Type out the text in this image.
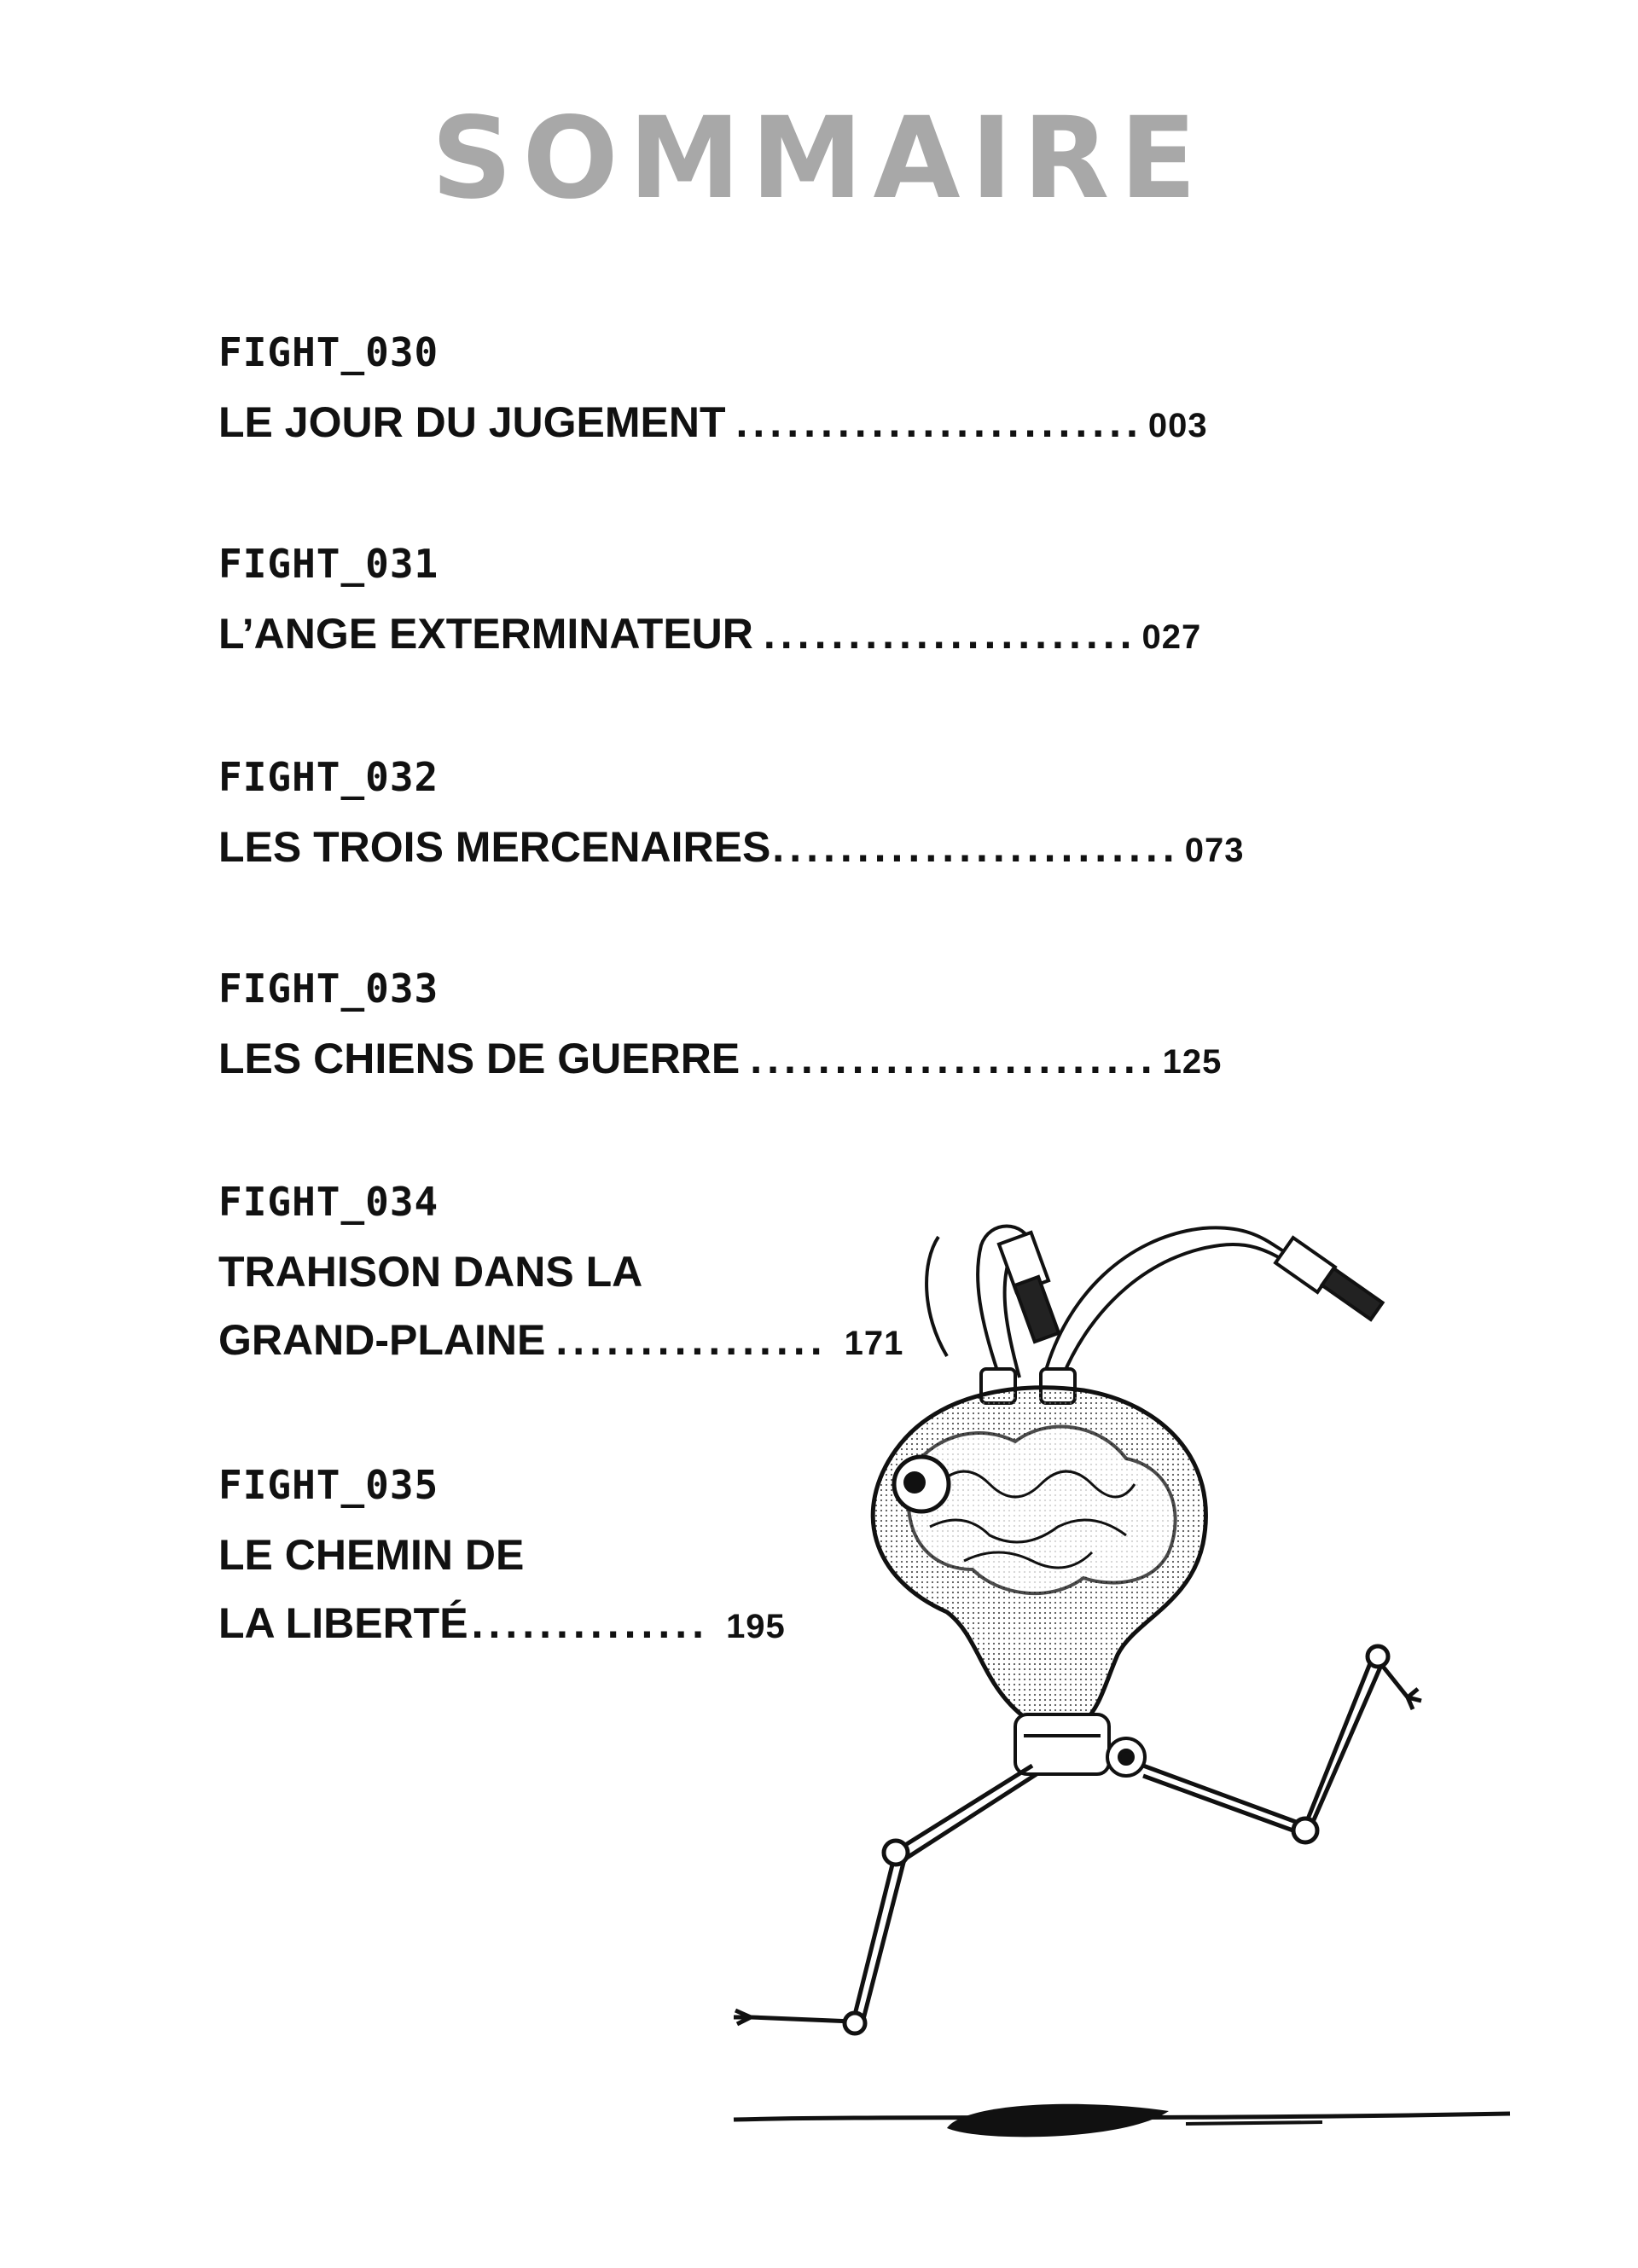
SOMMAIRE
FIGHT_030
LE JOUR DU JUGEMENT ........................ 003
FIGHT_031
L’ANGE EXTERMINATEUR ...................... 027
FIGHT_032
LES TROIS MERCENAIRES ........................ 073
FIGHT_033
LES CHIENS DE GUERRE ........................ 125
FIGHT_034
TRAHISON DANS LA
GRAND-PLAINE ................ 171
FIGHT_035
LE CHEMIN DE
LA LIBERTÉ .............. 195
